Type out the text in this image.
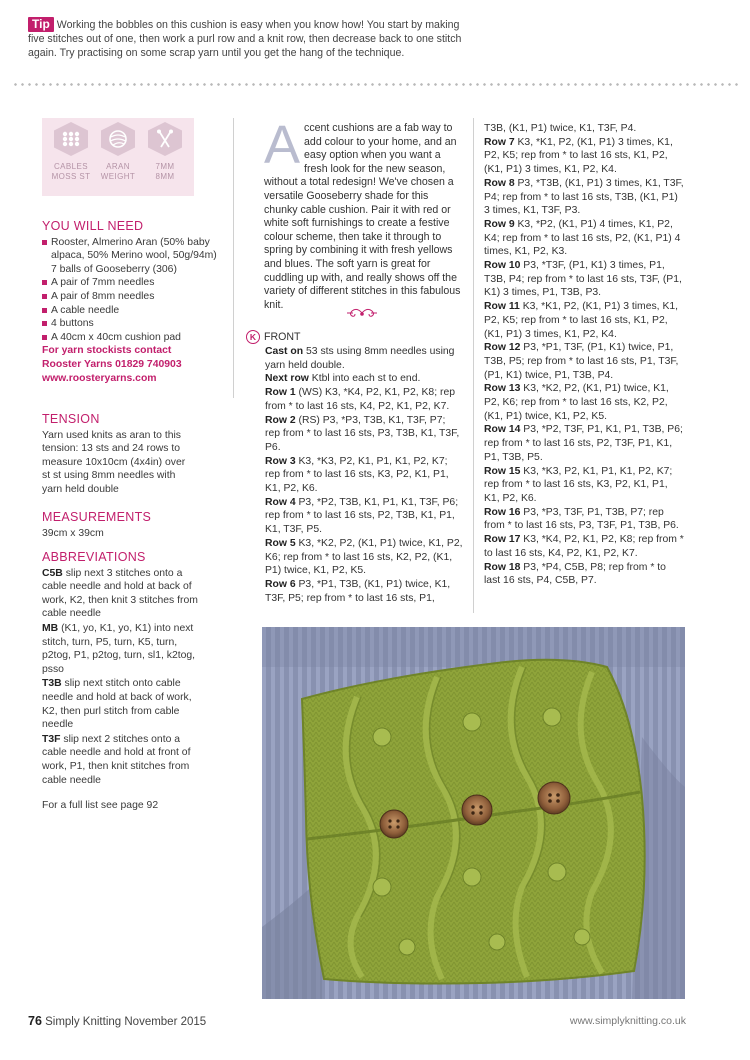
Tip Working the bobbles on this cushion is easy when you know how! You start by making five stitches out of one, then work a purl row and a knit row, then decrease back to one stitch again. Try practising on some scrap yarn until you get the hang of the technique.
CABLES
MOSS ST
ARAN
WEIGHT
7MM
8MM
YOU WILL NEED
Rooster, Almerino Aran (50% baby alpaca, 50% Merino wool, 50g/94m)
7 balls of Gooseberry (306)
A pair of 7mm needles
A pair of 8mm needles
A cable needle
4 buttons
A 40cm x 40cm cushion pad
For yarn stockists contact
Rooster Yarns 01829 740903
www.roosteryarns.com
TENSION
Yarn used knits as aran to this tension: 13 sts and 24 rows to measure 10x10cm (4x4in) over st st using 8mm needles with yarn held double
MEASUREMENTS
39cm x 39cm
ABBREVIATIONS

C5B slip next 3 stitches onto a cable needle and hold at back of work, K2, then knit 3 stitches from cable needle

MB (K1, yo, K1, yo, K1) into next stitch, turn, P5, turn, K5, turn, p2tog, P1, p2tog, turn, sl1, k2tog, psso

T3B slip next stitch onto cable needle and hold at back of work, K2, then purl stitch from cable needle

T3F slip next 2 stitches onto a cable needle and hold at front of work, P1, then knit stitches from cable needle

For a full list see page 92

Accent cushions are a fab way to add colour to your home, and an easy option when you want a fresh look for the new season, without a total redesign! We've chosen a versatile Gooseberry shade for this chunky cable cushion. Pair it with red or white soft furnishings to create a festive colour scheme, then take it through to spring by combining it with fresh yellows and blues. The soft yarn is great for cuddling up with, and really shows off the variety of different stitches in this fabulous knit.
K FRONT
Cast on 53 sts using 8mm needles using yarn held double.
Next row Ktbl into each st to end.
Row 1 (WS) K3, *K4, P2, K1, P2, K8; rep from * to last 16 sts, K4, P2, K1, P2, K7.
Row 2 (RS) P3, *P3, T3B, K1, T3F, P7; rep from * to last 16 sts, P3, T3B, K1, T3F, P6.
Row 3 K3, *K3, P2, K1, P1, K1, P2, K7; rep from * to last 16 sts, K3, P2, K1, P1, K1, P2, K6.
Row 4 P3, *P2, T3B, K1, P1, K1, T3F, P6; rep from * to last 16 sts, P2, T3B, K1, P1, K1, T3F, P5.
Row 5 K3, *K2, P2, (K1, P1) twice, K1, P2, K6; rep from * to last 16 sts, K2, P2, (K1, P1) twice, K1, P2, K5.
Row 6 P3, *P1, T3B, (K1, P1) twice, K1, T3F, P5; rep from * to last 16 sts, P1,
T3B, (K1, P1) twice, K1, T3F, P4.
Row 7 K3, *K1, P2, (K1, P1) 3 times, K1, P2, K5; rep from * to last 16 sts, K1, P2, (K1, P1) 3 times, K1, P2, K4.
Row 8 P3, *T3B, (K1, P1) 3 times, K1, T3F, P4; rep from * to last 16 sts, T3B, (K1, P1) 3 times, K1, T3F, P3.
Row 9 K3, *P2, (K1, P1) 4 times, K1, P2, K4; rep from * to last 16 sts, P2, (K1, P1) 4 times, K1, P2, K3.
Row 10 P3, *T3F, (P1, K1) 3 times, P1, T3B, P4; rep from * to last 16 sts, T3F, (P1, K1) 3 times, P1, T3B, P3.
Row 11 K3, *K1, P2, (K1, P1) 3 times, K1, P2, K5; rep from * to last 16 sts, K1, P2, (K1, P1) 3 times, K1, P2, K4.
Row 12 P3, *P1, T3F, (P1, K1) twice, P1, T3B, P5; rep from * to last 16 sts, P1, T3F, (P1, K1) twice, P1, T3B, P4.
Row 13 K3, *K2, P2, (K1, P1) twice, K1, P2, K6; rep from * to last 16 sts, K2, P2, (K1, P1) twice, K1, P2, K5.
Row 14 P3, *P2, T3F, P1, K1, P1, T3B, P6; rep from * to last 16 sts, P2, T3F, P1, K1, P1, T3B, P5.
Row 15 K3, *K3, P2, K1, P1, K1, P2, K7; rep from * to last 16 sts, K3, P2, K1, P1, K1, P2, K6.
Row 16 P3, *P3, T3F, P1, T3B, P7; rep from * to last 16 sts, P3, T3F, P1, T3B, P6.
Row 17 K3, *K4, P2, K1, P2, K8; rep from * to last 16 sts, K4, P2, K1, P2, K7.
Row 18 P3, *P4, C5B, P8; rep from * to last 16 sts, P4, C5B, P7.
76 Simply Knitting November 2015	www.simplyknitting.co.uk
